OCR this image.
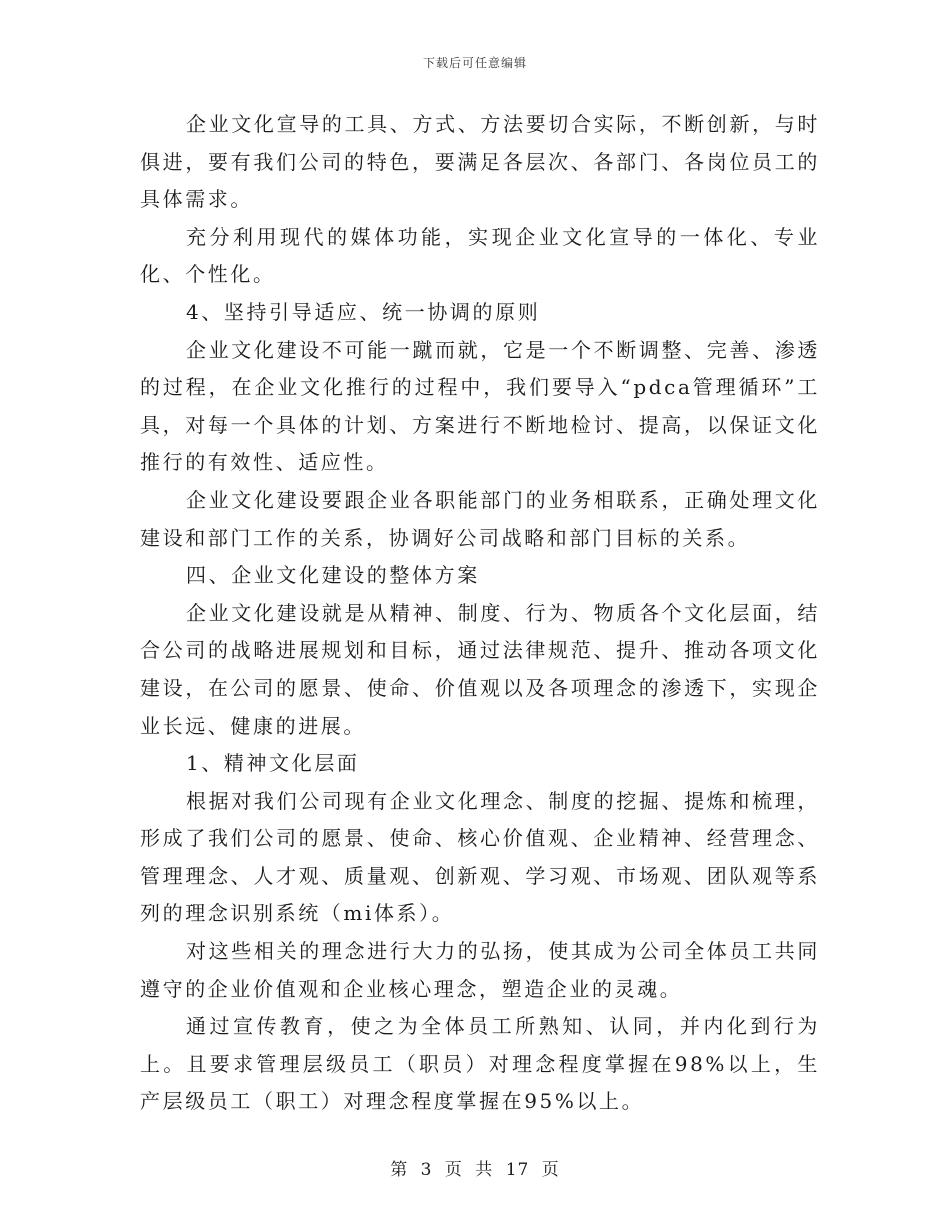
下载后可任意编辑

企业文化宣导的工具、方式、方法要切合实际，不断创新，与时俱进，要有我们公司的特色，要满足各层次、各部门、各岗位员工的具体需求。

充分利用现代的媒体功能，实现企业文化宣导的一体化、专业化、个性化。

4、坚持引导适应、统一协调的原则

企业文化建设不可能一蹴而就，它是一个不断调整、完善、渗透的过程，在企业文化推行的过程中，我们要导入“pdca管理循环”工具，对每一个具体的计划、方案进行不断地检讨、提高，以保证文化推行的有效性、适应性。

企业文化建设要跟企业各职能部门的业务相联系，正确处理文化建设和部门工作的关系，协调好公司战略和部门目标的关系。

四、企业文化建设的整体方案

企业文化建设就是从精神、制度、行为、物质各个文化层面，结合公司的战略进展规划和目标，通过法律规范、提升、推动各项文化建设，在公司的愿景、使命、价值观以及各项理念的渗透下，实现企业长远、健康的进展。

1、精神文化层面

根据对我们公司现有企业文化理念、制度的挖掘、提炼和梳理，形成了我们公司的愿景、使命、核心价值观、企业精神、经营理念、管理理念、人才观、质量观、创新观、学习观、市场观、团队观等系列的理念识别系统（mi体系）。

对这些相关的理念进行大力的弘扬，使其成为公司全体员工共同遵守的企业价值观和企业核心理念，塑造企业的灵魂。

通过宣传教育，使之为全体员工所熟知、认同，并内化到行为上。且要求管理层级员工（职员）对理念程度掌握在98%以上，生产层级员工（职工）对理念程度掌握在95%以上。

第 3 页 共 17 页
